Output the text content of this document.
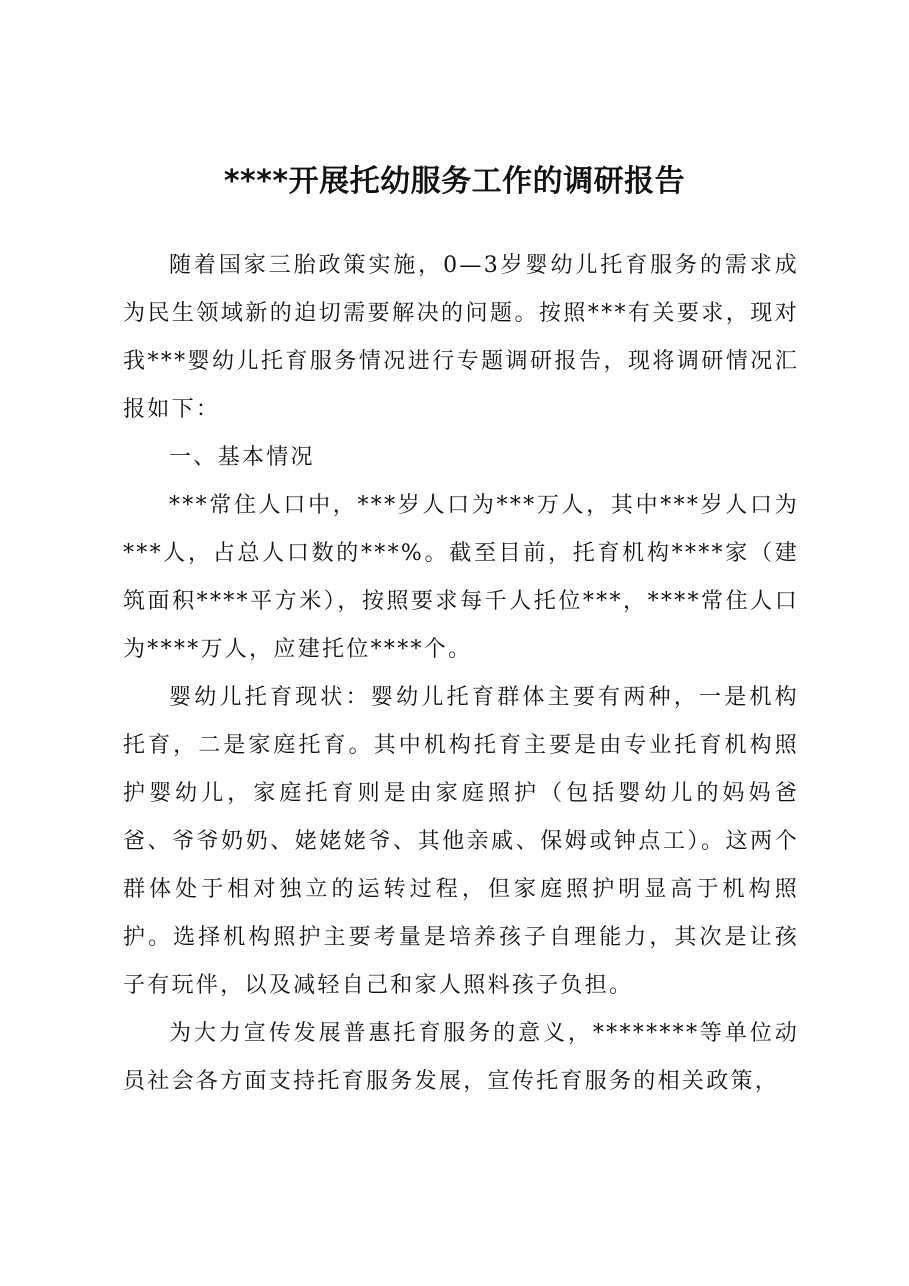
****开展托幼服务工作的调研报告

随着国家三胎政策实施，0—3岁婴幼儿托育服务的需求成为民生领域新的迫切需要解决的问题。按照***有关要求，现对我***婴幼儿托育服务情况进行专题调研报告，现将调研情况汇报如下：

一、基本情况

***常住人口中，***岁人口为***万人，其中***岁人口为***人，占总人口数的***%。截至目前，托育机构****家（建筑面积****平方米），按照要求每千人托位***，****常住人口为****万人，应建托位****个。

婴幼儿托育现状：婴幼儿托育群体主要有两种，一是机构托育，二是家庭托育。其中机构托育主要是由专业托育机构照护婴幼儿，家庭托育则是由家庭照护（包括婴幼儿的妈妈爸爸、爷爷奶奶、姥姥姥爷、其他亲戚、保姆或钟点工）。这两个群体处于相对独立的运转过程，但家庭照护明显高于机构照护。选择机构照护主要考量是培养孩子自理能力，其次是让孩子有玩伴，以及减轻自己和家人照料孩子负担。

为大力宣传发展普惠托育服务的意义，********等单位动员社会各方面支持托育服务发展，宣传托育服务的相关政策，
